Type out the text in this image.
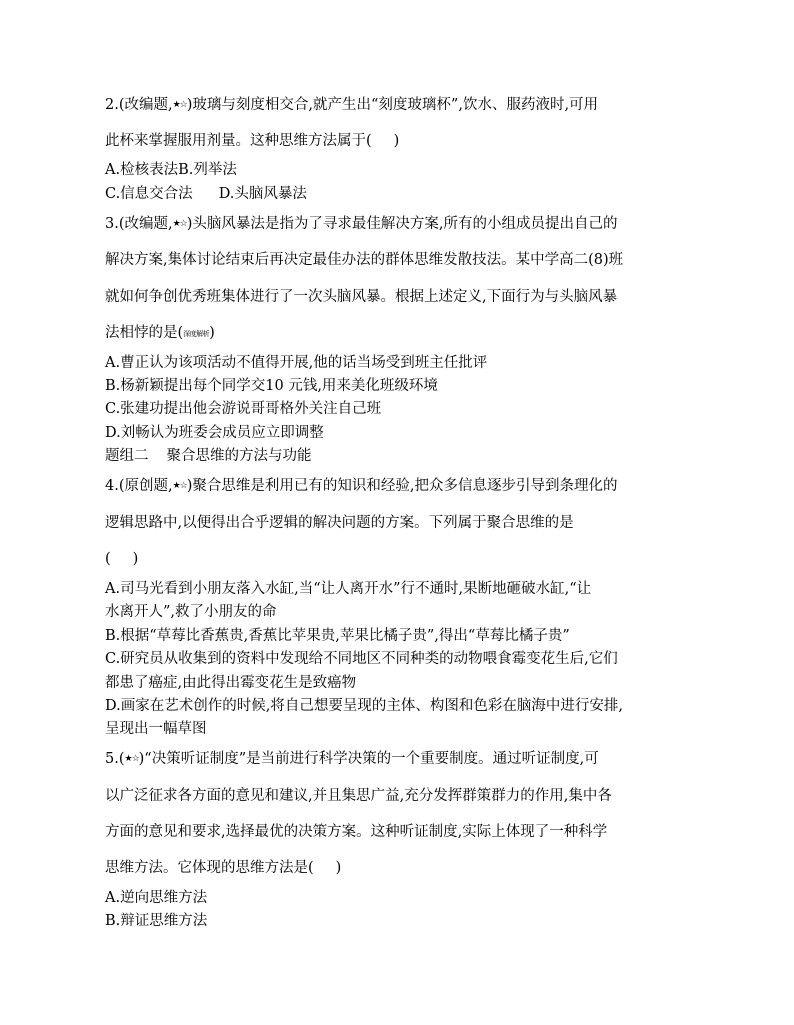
2.(改编题,★☆)玻璃与刻度相交合,就产生出“刻度玻璃杯”,饮水、服药液时,可用
此杯来掌握服用剂量。这种思维方法属于( )
A.检核表法B.列举法
C.信息交合法 D.头脑风暴法
3.(改编题,★☆)头脑风暴法是指为了寻求最佳解决方案,所有的小组成员提出自己的
解决方案,集体讨论结束后再决定最佳办法的群体思维发散技法。某中学高二(8)班
就如何争创优秀班集体进行了一次头脑风暴。根据上述定义,下面行为与头脑风暴
法相悖的是(深度解析)
A.曹正认为该项活动不值得开展,他的话当场受到班主任批评
B.杨新颖提出每个同学交10 元钱,用来美化班级环境
C.张建功提出他会游说哥哥格外关注自己班
D.刘畅认为班委会成员应立即调整
题组二 聚合思维的方法与功能
4.(原创题,★☆)聚合思维是利用已有的知识和经验,把众多信息逐步引导到条理化的
逻辑思路中,以便得出合乎逻辑的解决问题的方案。下列属于聚合思维的是
( )
A.司马光看到小朋友落入水缸,当“让人离开水”行不通时,果断地砸破水缸,“让
水离开人”,救了小朋友的命
B.根据“草莓比香蕉贵,香蕉比苹果贵,苹果比橘子贵”,得出“草莓比橘子贵”
C.研究员从收集到的资料中发现给不同地区不同种类的动物喂食霉变花生后,它们
都患了癌症,由此得出霉变花生是致癌物
D.画家在艺术创作的时候,将自己想要呈现的主体、构图和色彩在脑海中进行安排,
呈现出一幅草图
5.(★☆)“决策听证制度”是当前进行科学决策的一个重要制度。通过听证制度,可
以广泛征求各方面的意见和建议,并且集思广益,充分发挥群策群力的作用,集中各
方面的意见和要求,选择最优的决策方案。这种听证制度,实际上体现了一种科学
思维方法。它体现的思维方法是( )
A.逆向思维方法
B.辩证思维方法
